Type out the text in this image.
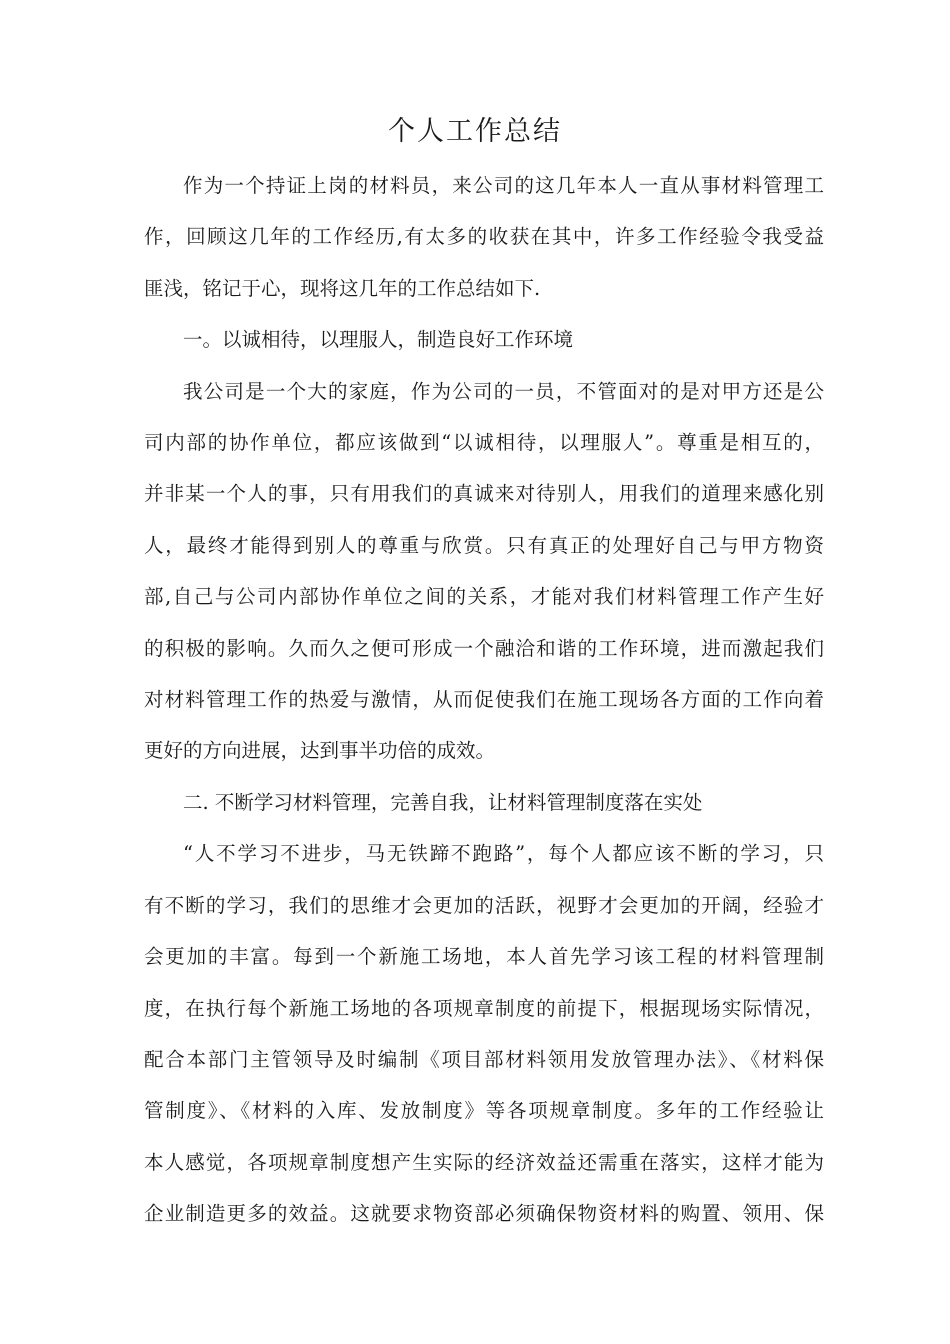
个人工作总结
作为一个持证上岗的材料员，来公司的这几年本人一直从事材料管理工
作，回顾这几年的工作经历,有太多的收获在其中，许多工作经验令我受益
匪浅，铭记于心，现将这几年的工作总结如下.
一。以诚相待，以理服人，制造良好工作环境
我公司是一个大的家庭，作为公司的一员，不管面对的是对甲方还是公
司内部的协作单位，都应该做到“以诚相待，以理服人”。尊重是相互的，
并非某一个人的事，只有用我们的真诚来对待别人，用我们的道理来感化别
人，最终才能得到别人的尊重与欣赏。只有真正的处理好自己与甲方物资
部,自己与公司内部协作单位之间的关系，才能对我们材料管理工作产生好
的积极的影响。久而久之便可形成一个融洽和谐的工作环境，进而激起我们
对材料管理工作的热爱与激情，从而促使我们在施工现场各方面的工作向着
更好的方向进展，达到事半功倍的成效。
二. 不断学习材料管理，完善自我，让材料管理制度落在实处
“人不学习不进步，马无铁蹄不跑路”，每个人都应该不断的学习，只
有不断的学习，我们的思维才会更加的活跃，视野才会更加的开阔，经验才
会更加的丰富。每到一个新施工场地，本人首先学习该工程的材料管理制
度，在执行每个新施工场地的各项规章制度的前提下，根据现场实际情况，
配合本部门主管领导及时编制《项目部材料领用发放管理办法》、《材料保
管制度》、《材料的入库、发放制度》等各项规章制度。多年的工作经验让
本人感觉，各项规章制度想产生实际的经济效益还需重在落实，这样才能为
企业制造更多的效益。这就要求物资部必须确保物资材料的购置、领用、保
